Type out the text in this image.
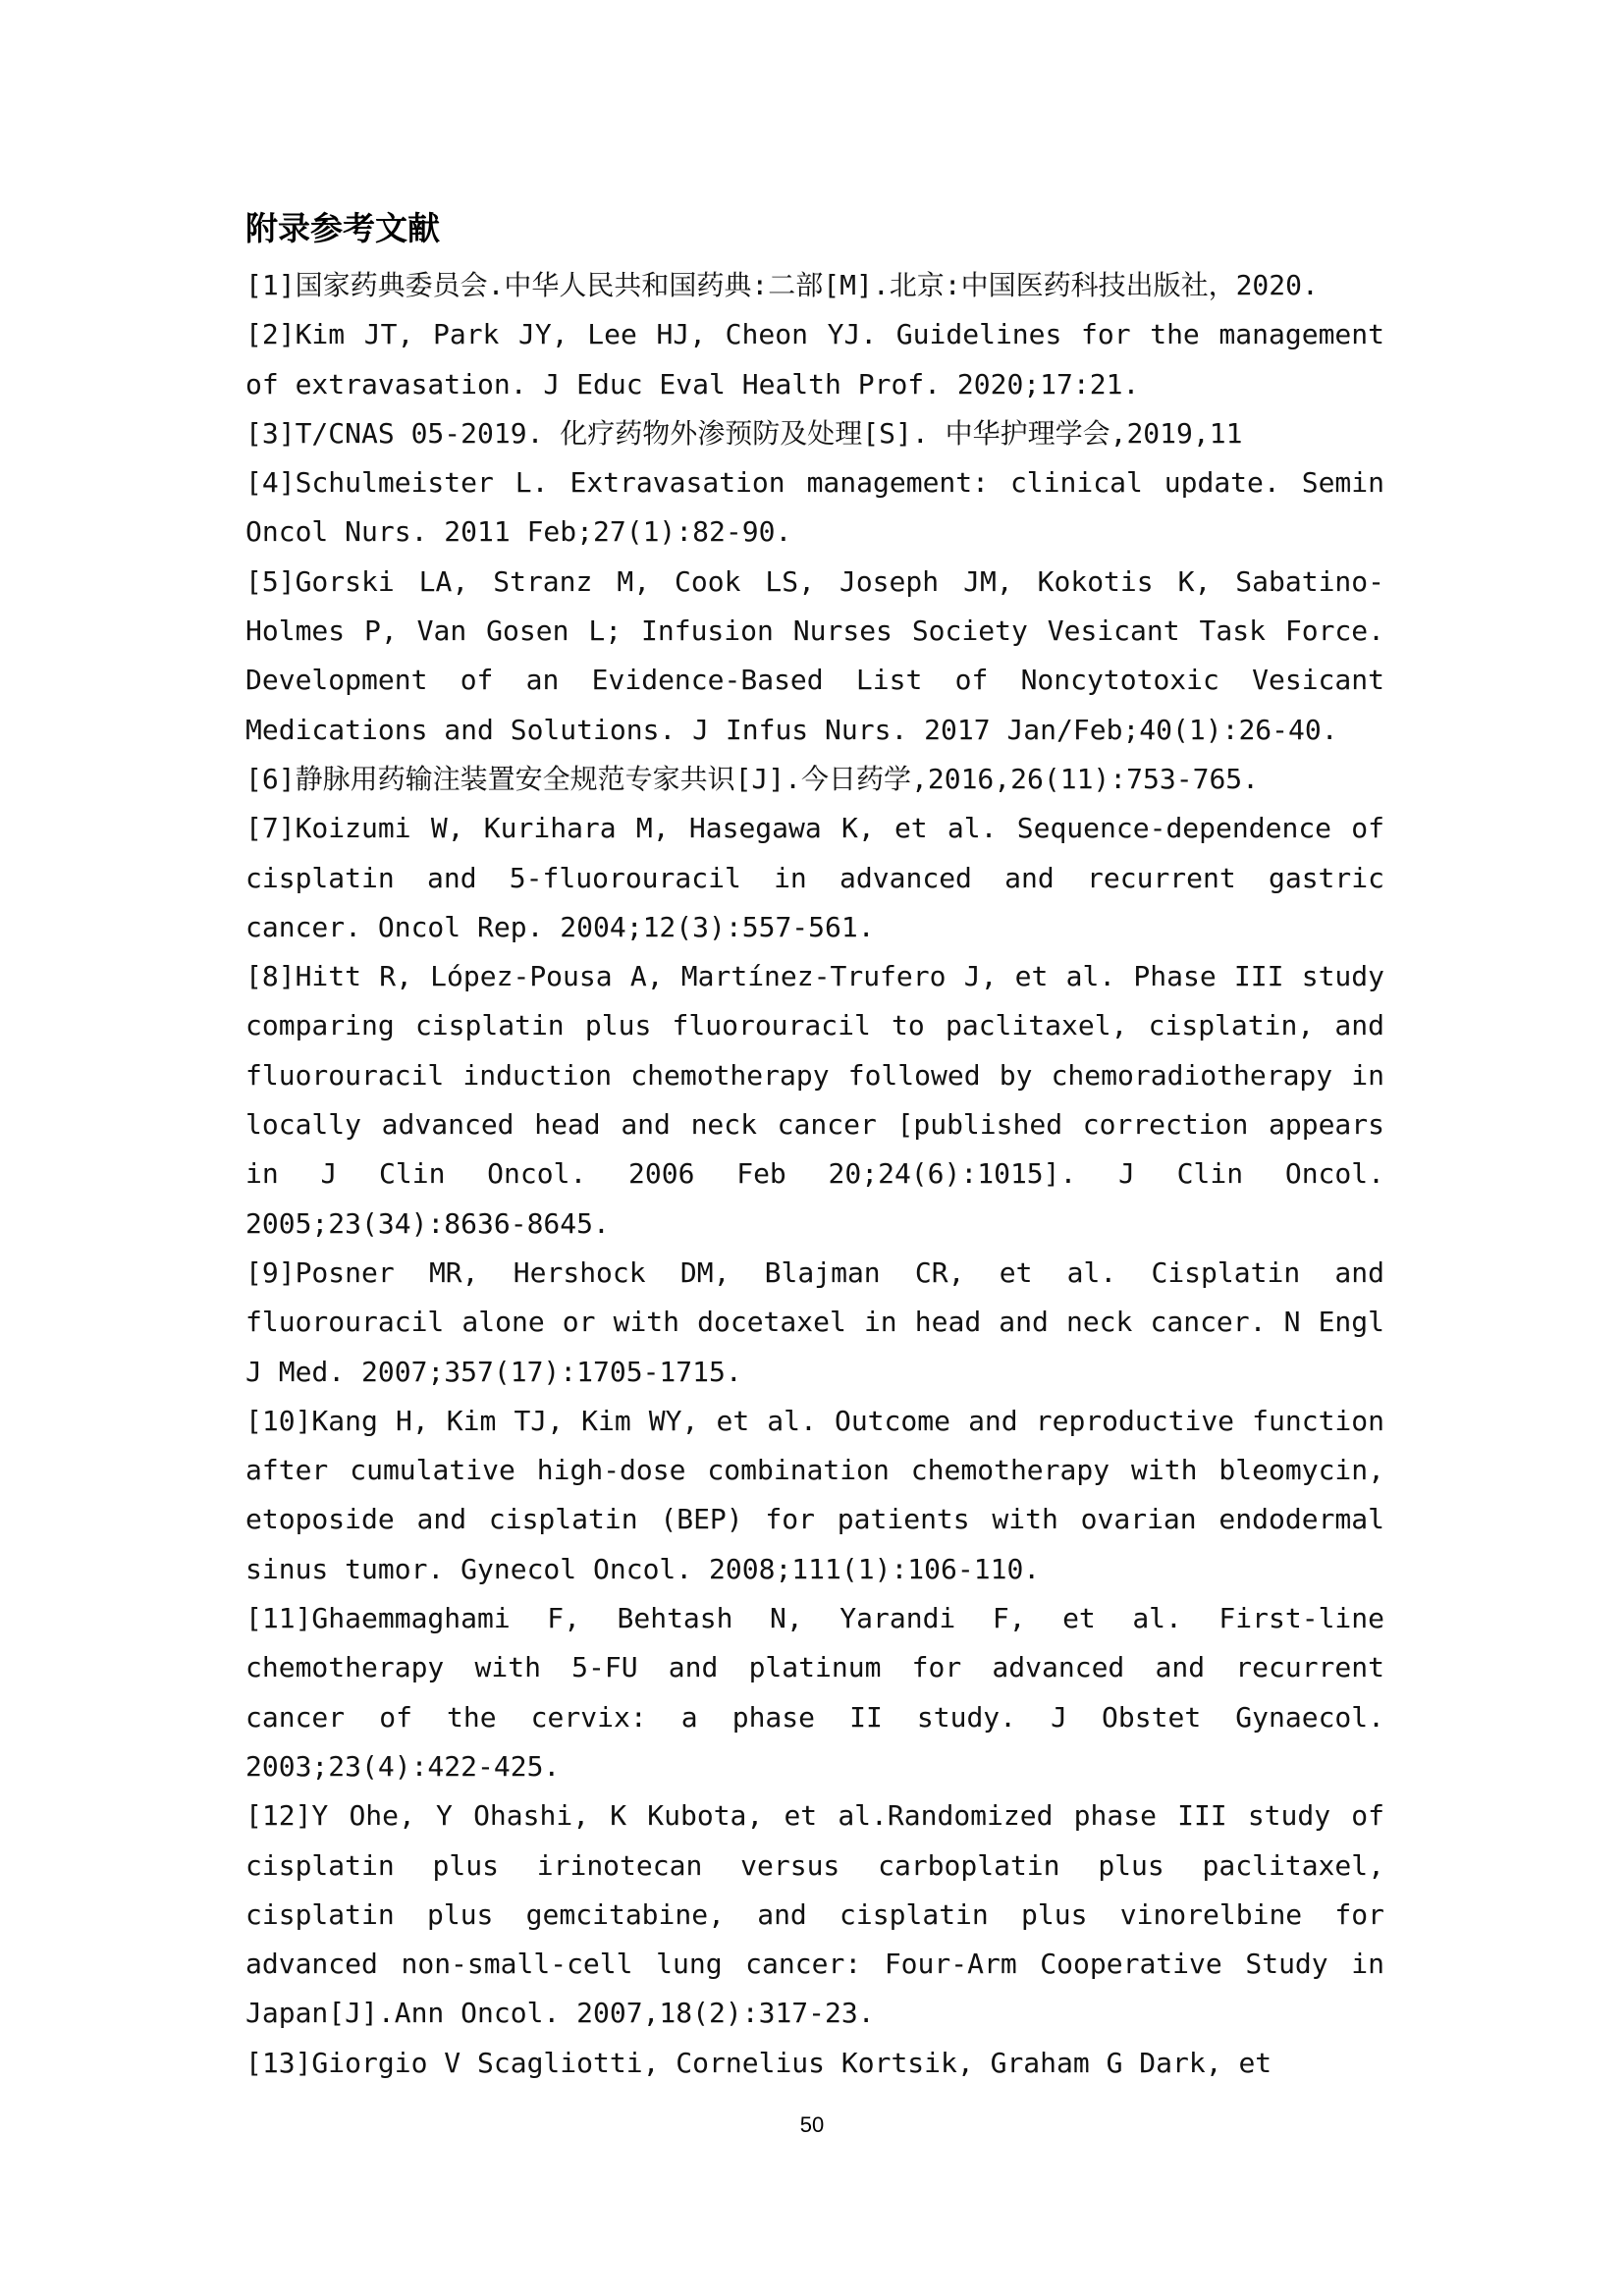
附录参考文献

[1]国家药典委员会.中华人民共和国药典:二部[M].北京:中国医药科技出版社，2020.

[2]Kim JT, Park JY, Lee HJ, Cheon YJ. Guidelines for the management of extravasation. J Educ Eval Health Prof. 2020;17:21.

[3]T/CNAS 05-2019. 化疗药物外渗预防及处理[S]. 中华护理学会,2019,11

[4]Schulmeister L. Extravasation management: clinical update. Semin Oncol Nurs. 2011 Feb;27(1):82-90.

[5]Gorski LA, Stranz M, Cook LS, Joseph JM, Kokotis K, Sabatino-Holmes P, Van Gosen L; Infusion Nurses Society Vesicant Task Force. Development of an Evidence-Based List of Noncytotoxic Vesicant Medications and Solutions. J Infus Nurs. 2017 Jan/Feb;40(1):26-40.

[6]静脉用药输注装置安全规范专家共识[J].今日药学,2016,26(11):753-765.

[7]Koizumi W, Kurihara M, Hasegawa K, et al. Sequence-dependence of cisplatin and 5-fluorouracil in advanced and recurrent gastric cancer. Oncol Rep. 2004;12(3):557-561.

[8]Hitt R, López-Pousa A, Martínez-Trufero J, et al. Phase III study comparing cisplatin plus fluorouracil to paclitaxel, cisplatin, and fluorouracil induction chemotherapy followed by chemoradiotherapy in locally advanced head and neck cancer [published correction appears in J Clin Oncol. 2006 Feb 20;24(6):1015]. J Clin Oncol. 2005;23(34):8636-8645.

[9]Posner MR, Hershock DM, Blajman CR, et al. Cisplatin and fluorouracil alone or with docetaxel in head and neck cancer. N Engl J Med. 2007;357(17):1705-1715.

[10]Kang H, Kim TJ, Kim WY, et al. Outcome and reproductive function after cumulative high-dose combination chemotherapy with bleomycin, etoposide and cisplatin (BEP) for patients with ovarian endodermal sinus tumor. Gynecol Oncol. 2008;111(1):106-110.

[11]Ghaemmaghami F, Behtash N, Yarandi F, et al. First-line chemotherapy with 5-FU and platinum for advanced and recurrent cancer of the cervix: a phase II study. J Obstet Gynaecol. 2003;23(4):422-425.

[12]Y Ohe, Y Ohashi, K Kubota, et al.Randomized phase III study of cisplatin plus irinotecan versus carboplatin plus paclitaxel, cisplatin plus gemcitabine, and cisplatin plus vinorelbine for advanced non-small-cell lung cancer: Four-Arm Cooperative Study in Japan[J].Ann Oncol. 2007,18(2):317-23.

[13]Giorgio V Scagliotti, Cornelius Kortsik, Graham G Dark, et

50
